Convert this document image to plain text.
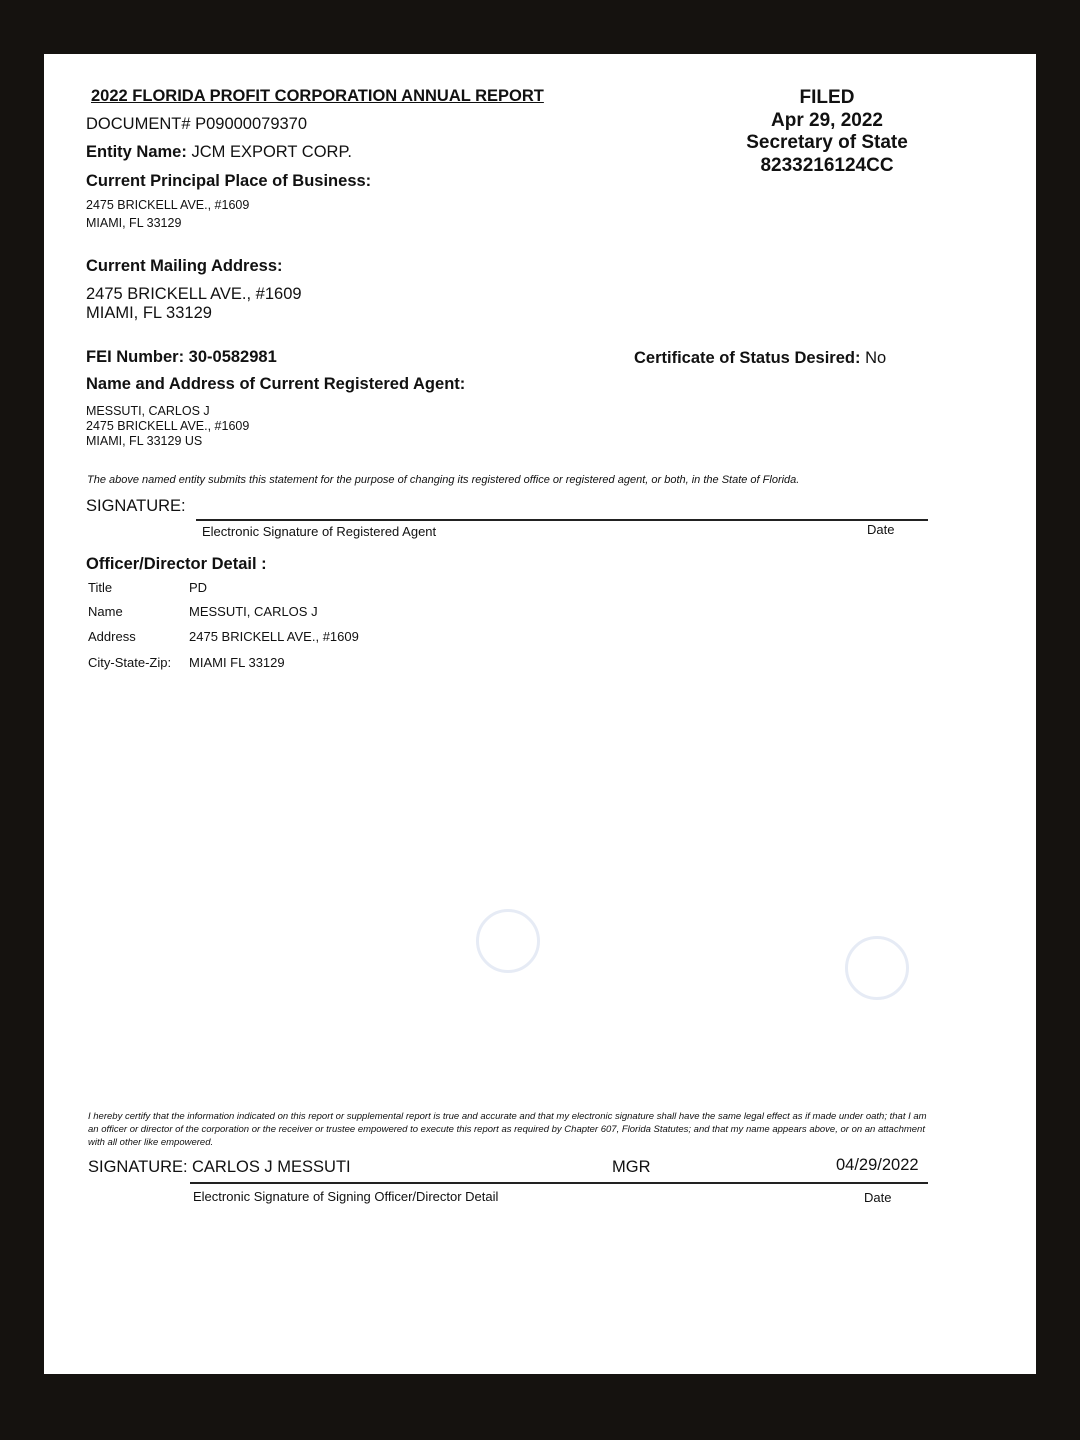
2022 FLORIDA PROFIT CORPORATION ANNUAL REPORT
DOCUMENT# P09000079370
Entity Name: JCM EXPORT CORP.
Current Principal Place of Business:
2475 BRICKELL AVE., #1609
MIAMI, FL 33129
FILED
Apr 29, 2022
Secretary of State
8233216124CC
Current Mailing Address:
2475 BRICKELL AVE., #1609
MIAMI, FL 33129
FEI Number: 30-0582981	Certificate of Status Desired: No
Name and Address of Current Registered Agent:
MESSUTI, CARLOS J
2475 BRICKELL AVE., #1609
MIAMI, FL 33129 US
The above named entity submits this statement for the purpose of changing its registered office or registered agent, or both, in the State of Florida.
SIGNATURE:
Electronic Signature of Registered Agent	Date
Officer/Director Detail :
Title	PD
Name	MESSUTI, CARLOS J
Address	2475 BRICKELL AVE., #1609
City-State-Zip: MIAMI FL 33129
I hereby certify that the information indicated on this report or supplemental report is true and accurate and that my electronic signature shall have the same legal effect as if made under oath; that I am an officer or director of the corporation or the receiver or trustee empowered to execute this report as required by Chapter 607, Florida Statutes; and that my name appears above, or on an attachment with all other like empowered.
SIGNATURE: CARLOS J MESSUTI	MGR	04/29/2022
Electronic Signature of Signing Officer/Director Detail	Date
